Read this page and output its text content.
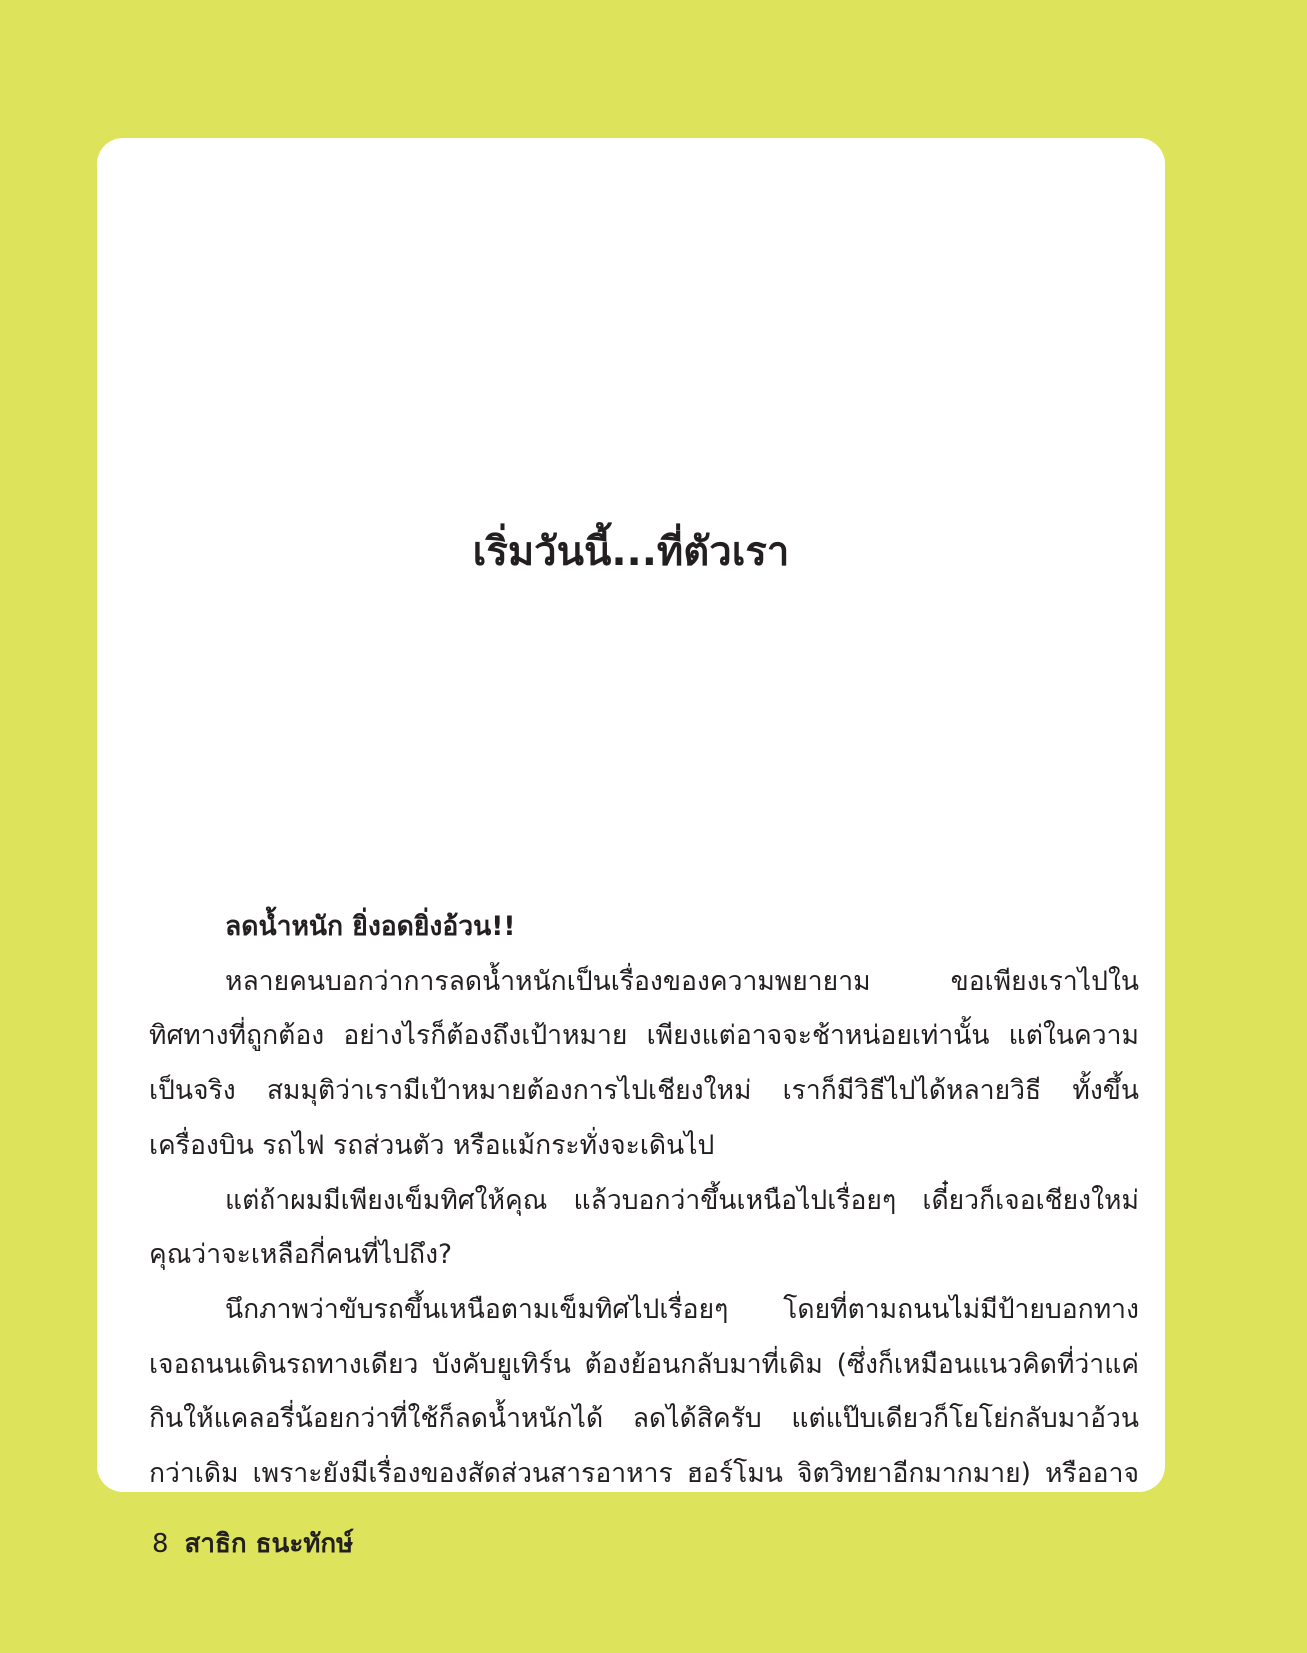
เริ่มวันนี้...ที่ตัวเรา

ลดน้ำหนัก ยิ่งอดยิ่งอ้วน!!

หลายคนบอกว่าการลดน้ำหนักเป็นเรื่องของความพยายาม ขอเพียงเราไปในทิศทางที่ถูกต้อง อย่างไรก็ต้องถึงเป้าหมาย เพียงแต่อาจจะช้าหน่อยเท่านั้น แต่ในความเป็นจริง สมมุติว่าเรามีเป้าหมายต้องการไปเชียงใหม่ เราก็มีวิธีไปได้หลายวิธี ทั้งขึ้นเครื่องบิน รถไฟ รถส่วนตัว หรือแม้กระทั่งจะเดินไป

แต่ถ้าผมมีเพียงเข็มทิศให้คุณ แล้วบอกว่าขึ้นเหนือไปเรื่อยๆ เดี๋ยวก็เจอเชียงใหม่ คุณว่าจะเหลือกี่คนที่ไปถึง?

นึกภาพว่าขับรถขึ้นเหนือตามเข็มทิศไปเรื่อยๆ โดยที่ตามถนนไม่มีป้ายบอกทาง เจอถนนเดินรถทางเดียว บังคับยูเทิร์น ต้องย้อนกลับมาที่เดิม (ซึ่งก็เหมือนแนวคิดที่ว่าแค่กินให้แคลอรี่น้อยกว่าที่ใช้ก็ลดน้ำหนักได้ ลดได้สิครับ แต่แป๊บเดียวก็โยโย่กลับมาอ้วนกว่าเดิม เพราะยังมีเรื่องของสัดส่วนสารอาหาร ฮอร์โมน จิตวิทยาอีกมากมาย) หรืออาจ

8 สาธิก ธนะทักษ์
